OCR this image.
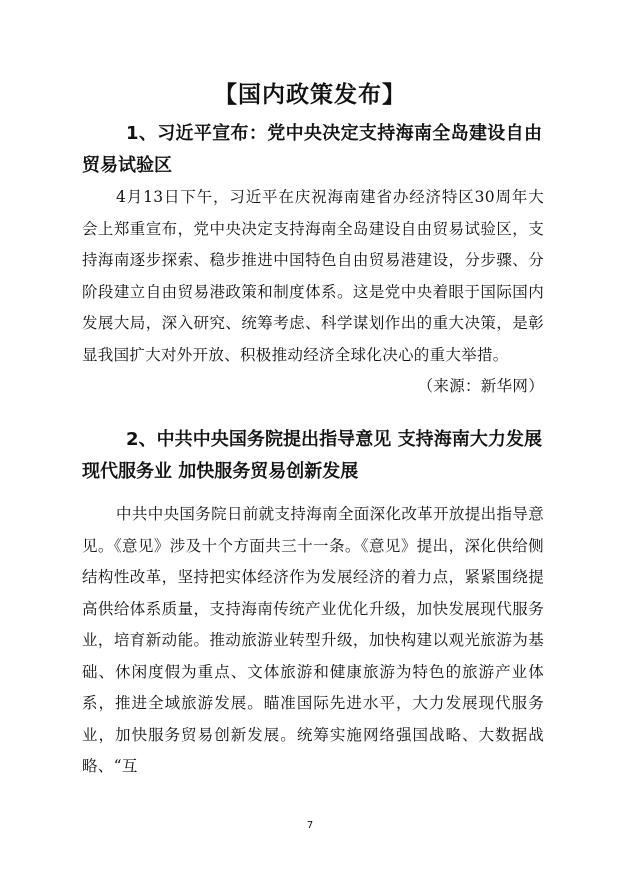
【国内政策发布】
1、习近平宣布：党中央决定支持海南全岛建设自由贸易试验区
4月13日下午，习近平在庆祝海南建省办经济特区30周年大会上郑重宣布，党中央决定支持海南全岛建设自由贸易试验区，支持海南逐步探索、稳步推进中国特色自由贸易港建设，分步骤、分阶段建立自由贸易港政策和制度体系。这是党中央着眼于国际国内发展大局，深入研究、统筹考虑、科学谋划作出的重大决策，是彰显我国扩大对外开放、积极推动经济全球化决心的重大举措。
（来源：新华网）
2、中共中央国务院提出指导意见 支持海南大力发展现代服务业 加快服务贸易创新发展
中共中央国务院日前就支持海南全面深化改革开放提出指导意见。《意见》涉及十个方面共三十一条。《意见》提出，深化供给侧结构性改革，坚持把实体经济作为发展经济的着力点，紧紧围绕提高供给体系质量，支持海南传统产业优化升级，加快发展现代服务业，培育新动能。推动旅游业转型升级，加快构建以观光旅游为基础、休闲度假为重点、文体旅游和健康旅游为特色的旅游产业体系，推进全域旅游发展。瞄准国际先进水平，大力发展现代服务业，加快服务贸易创新发展。统筹实施网络强国战略、大数据战略、“互
7
